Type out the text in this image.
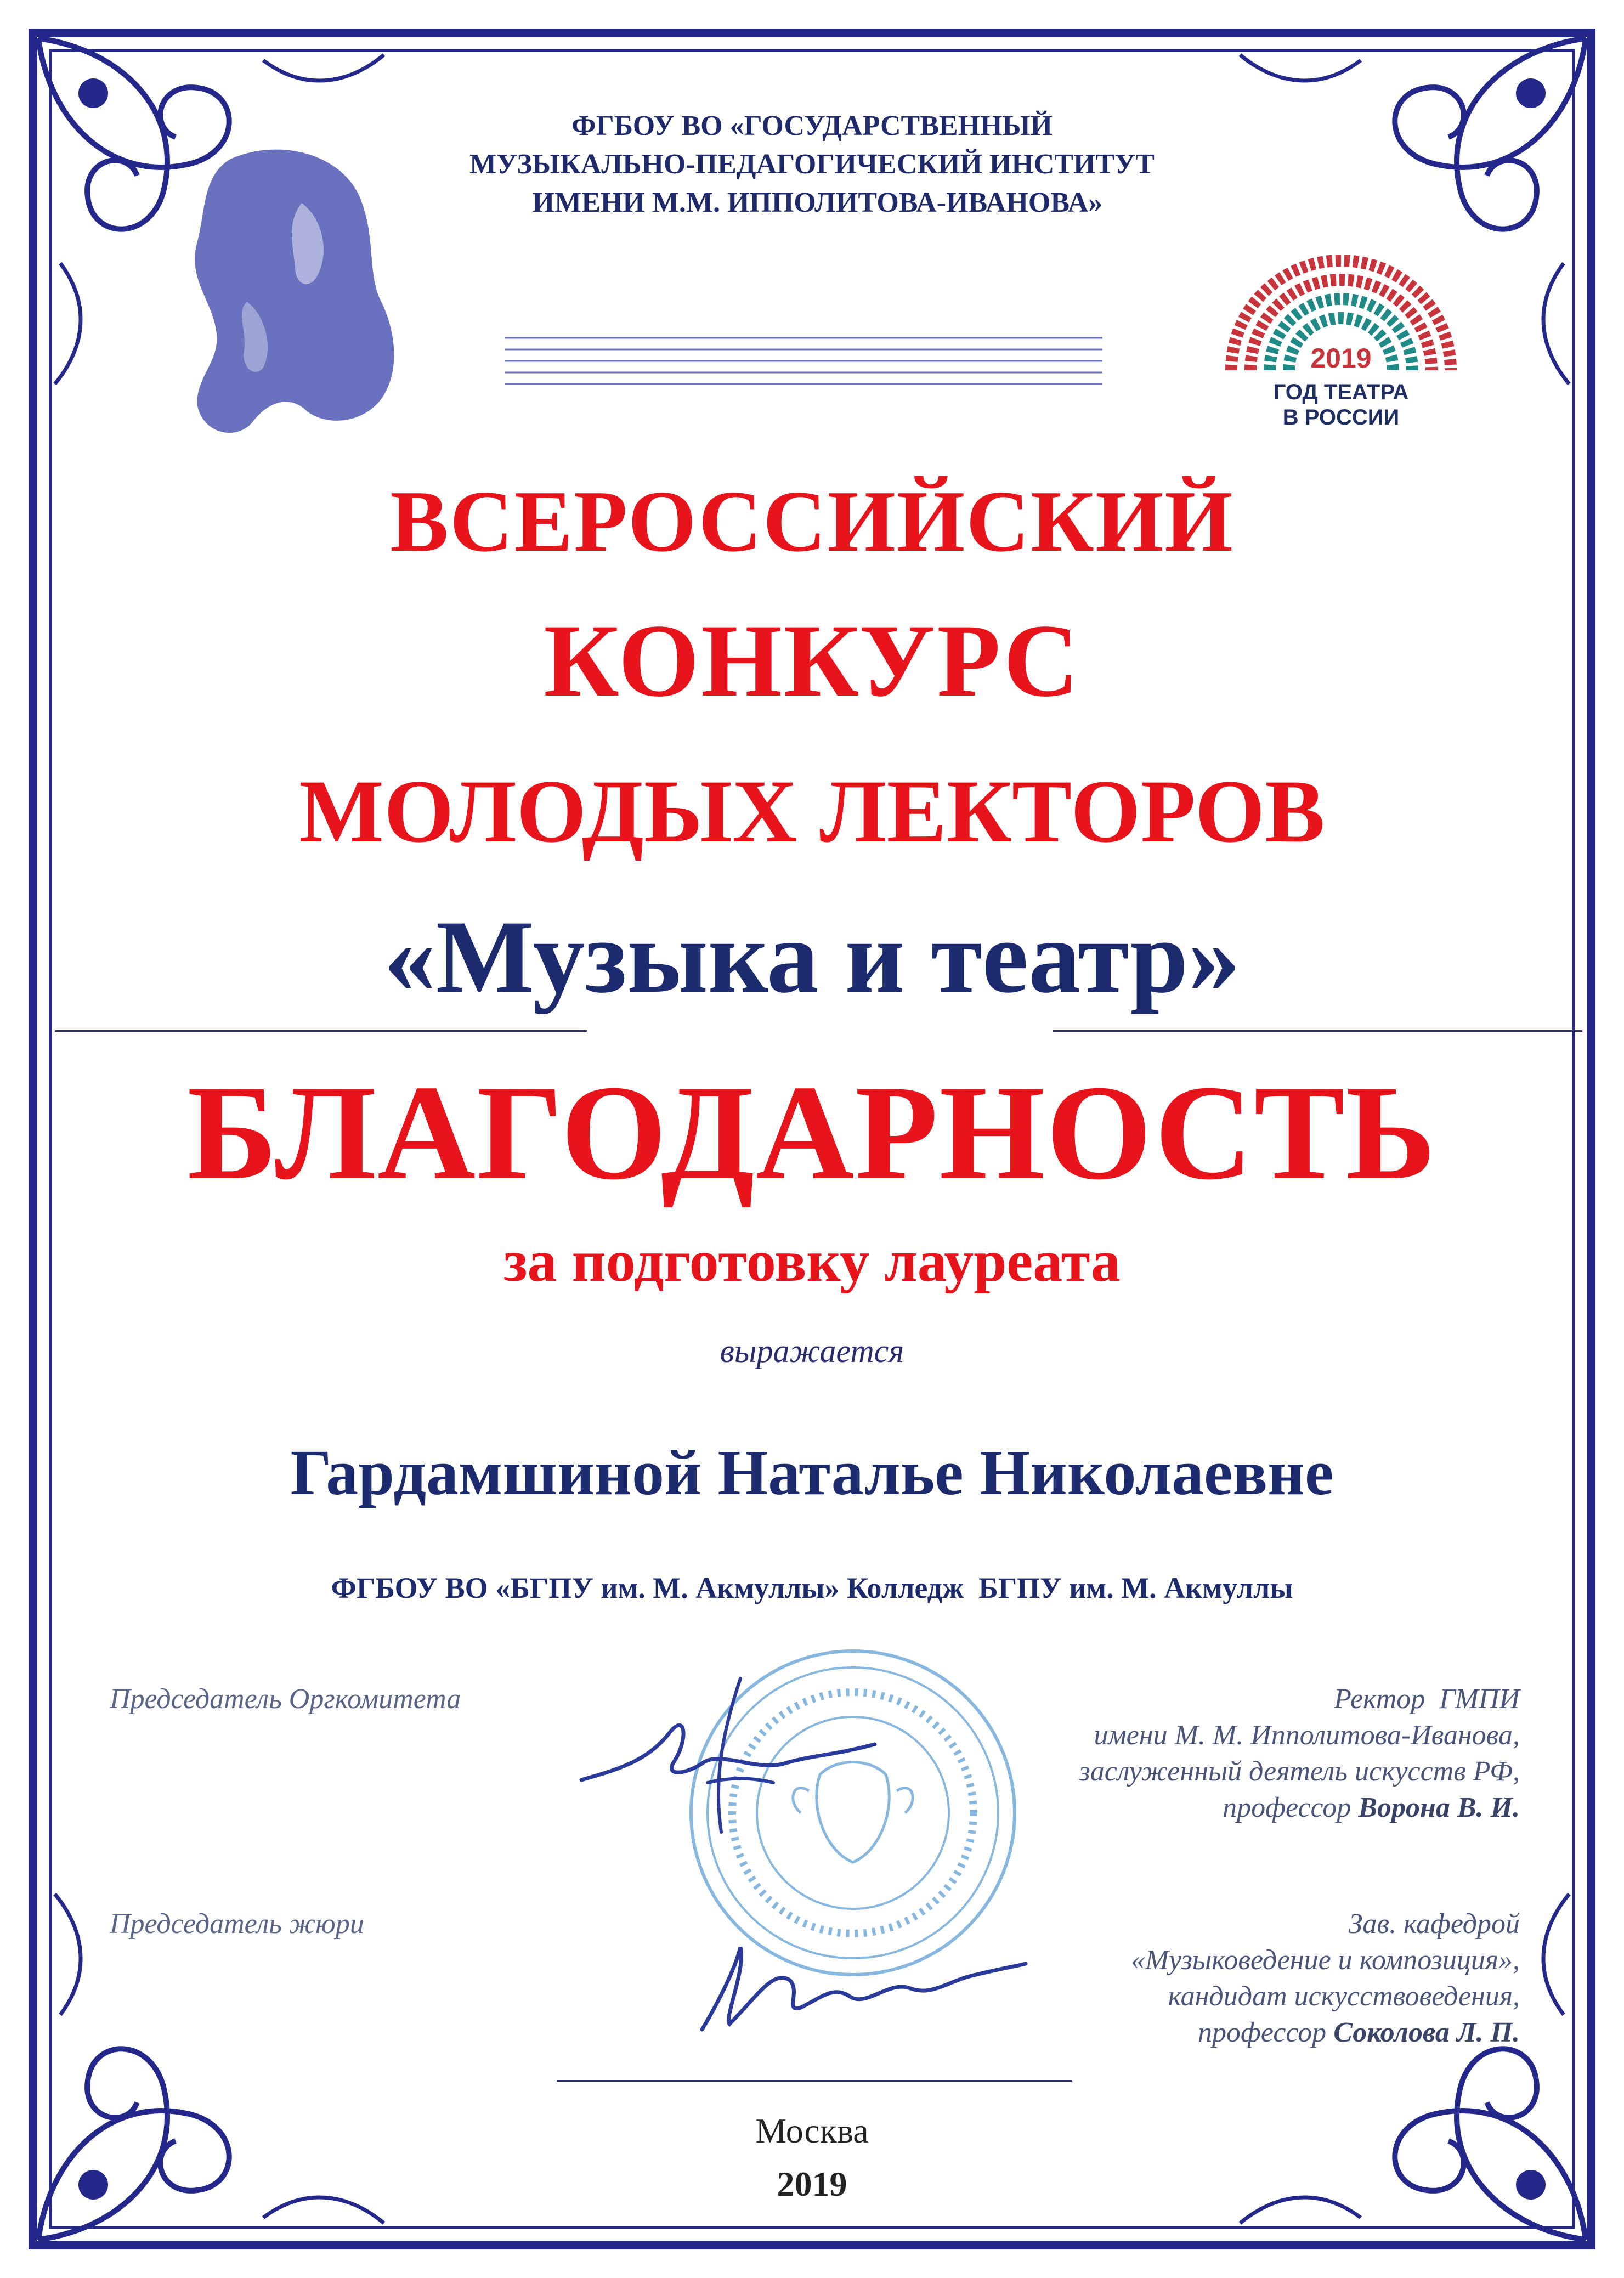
ФГБОУ ВО «ГОСУДАРСТВЕННЫЙ
МУЗЫКАЛЬНО-ПЕДАГОГИЧЕСКИЙ ИНСТИТУТ
ИМЕНИ М.М. ИППОЛИТОВА-ИВАНОВА»
2019
ГОД ТЕАТРА
В РОССИИ
ВСЕРОССИЙСКИЙ
КОНКУРС
МОЛОДЫХ ЛЕКТОРОВ
«Музыка и театр»
БЛАГОДАРНОСТЬ
за подготовку лауреата
выражается
Гардамшиной Наталье Николаевне
ФГБОУ ВО «БГПУ им. М. Акмуллы» Колледж  БГПУ им. М. Акмуллы
Председатель Оргкомитета
Председатель жюри
Ректор  ГМПИ
имени М. М. Ипполитова-Иванова,
заслуженный деятель искусств РФ,
профессор Ворона В. И.
Зав. кафедрой
«Музыковедение и композиция»,
кандидат искусствоведения,
профессор Соколова Л. П.
Москва
2019
